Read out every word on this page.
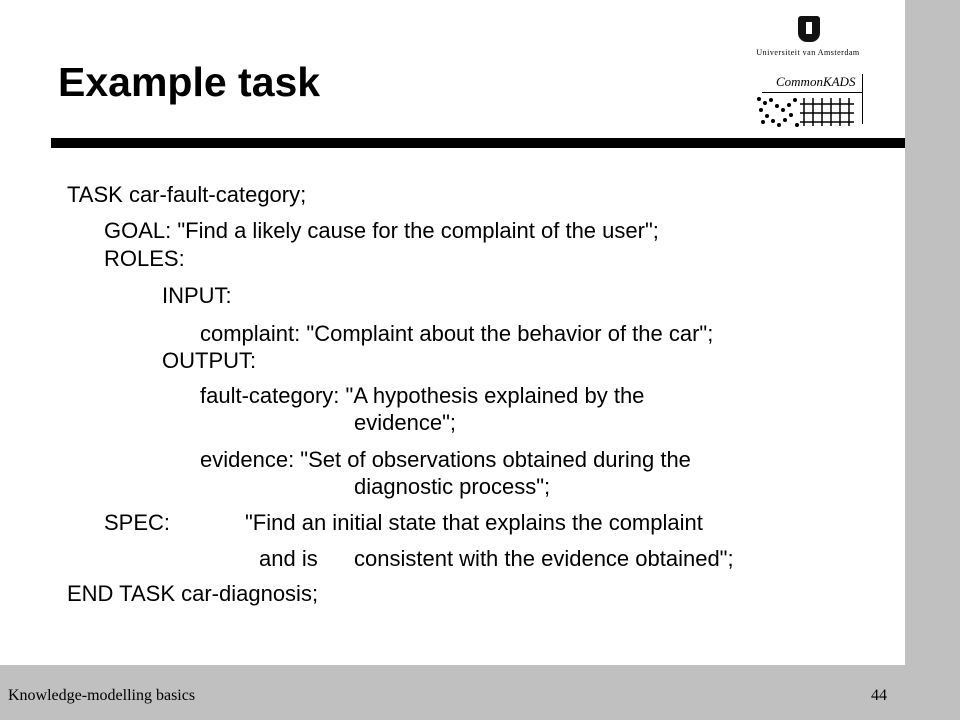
Universiteit van Amsterdam
CommonKADS
Example task
TASK car-fault-category;
GOAL: "Find a likely cause for the complaint of the user";
ROLES:
INPUT:
complaint: "Complaint about the behavior of the car";
OUTPUT:
fault-category: "A hypothesis explained by the
evidence";
evidence: "Set of observations obtained during the
diagnostic process";
SPEC:	"Find an initial state that explains the complaint
and is consistent with the evidence obtained";
END TASK car-diagnosis;
Knowledge-modelling basics	44
